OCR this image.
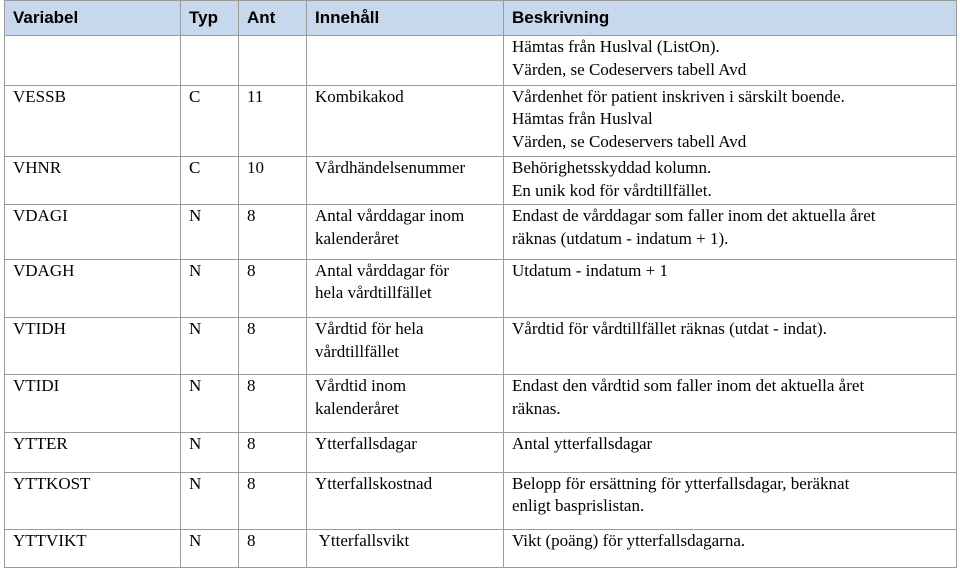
Variabel	Typ	Ant	Innehåll	Beskrivning

				Hämtas från Huslval (ListOn).
Värden, se Codeservers tabell Avd

VESSB	C	11	Kombikakod	Vårdenhet för patient inskriven i särskilt boende.
Hämtas från Huslval
Värden, se Codeservers tabell Avd

VHNR	C	10	Vårdhändelsenummer	Behörighetsskyddad kolumn.
En unik kod för vårdtillfället.

VDAGI	N	8	Antal vårddagar inom
kalenderåret	Endast de vårddagar som faller inom det aktuella året
räknas (utdatum - indatum + 1).

VDAGH	N	8	Antal vårddagar för
hela vårdtillfället	Utdatum - indatum + 1

VTIDH	N	8	Vårdtid för hela
vårdtillfället	Vårdtid för vårdtillfället räknas (utdat - indat).

VTIDI	N	8	Vårdtid inom
kalenderåret	Endast den vårdtid som faller inom det aktuella året
räknas.

YTTER	N	8	Ytterfallsdagar	Antal ytterfallsdagar

YTTKOST	N	8	Ytterfallskostnad	Belopp för ersättning för ytterfallsdagar, beräknat
enligt basprislistan.

YTTVIKT	N	8	Ytterfallsvikt	Vikt (poäng) för ytterfallsdagarna.
